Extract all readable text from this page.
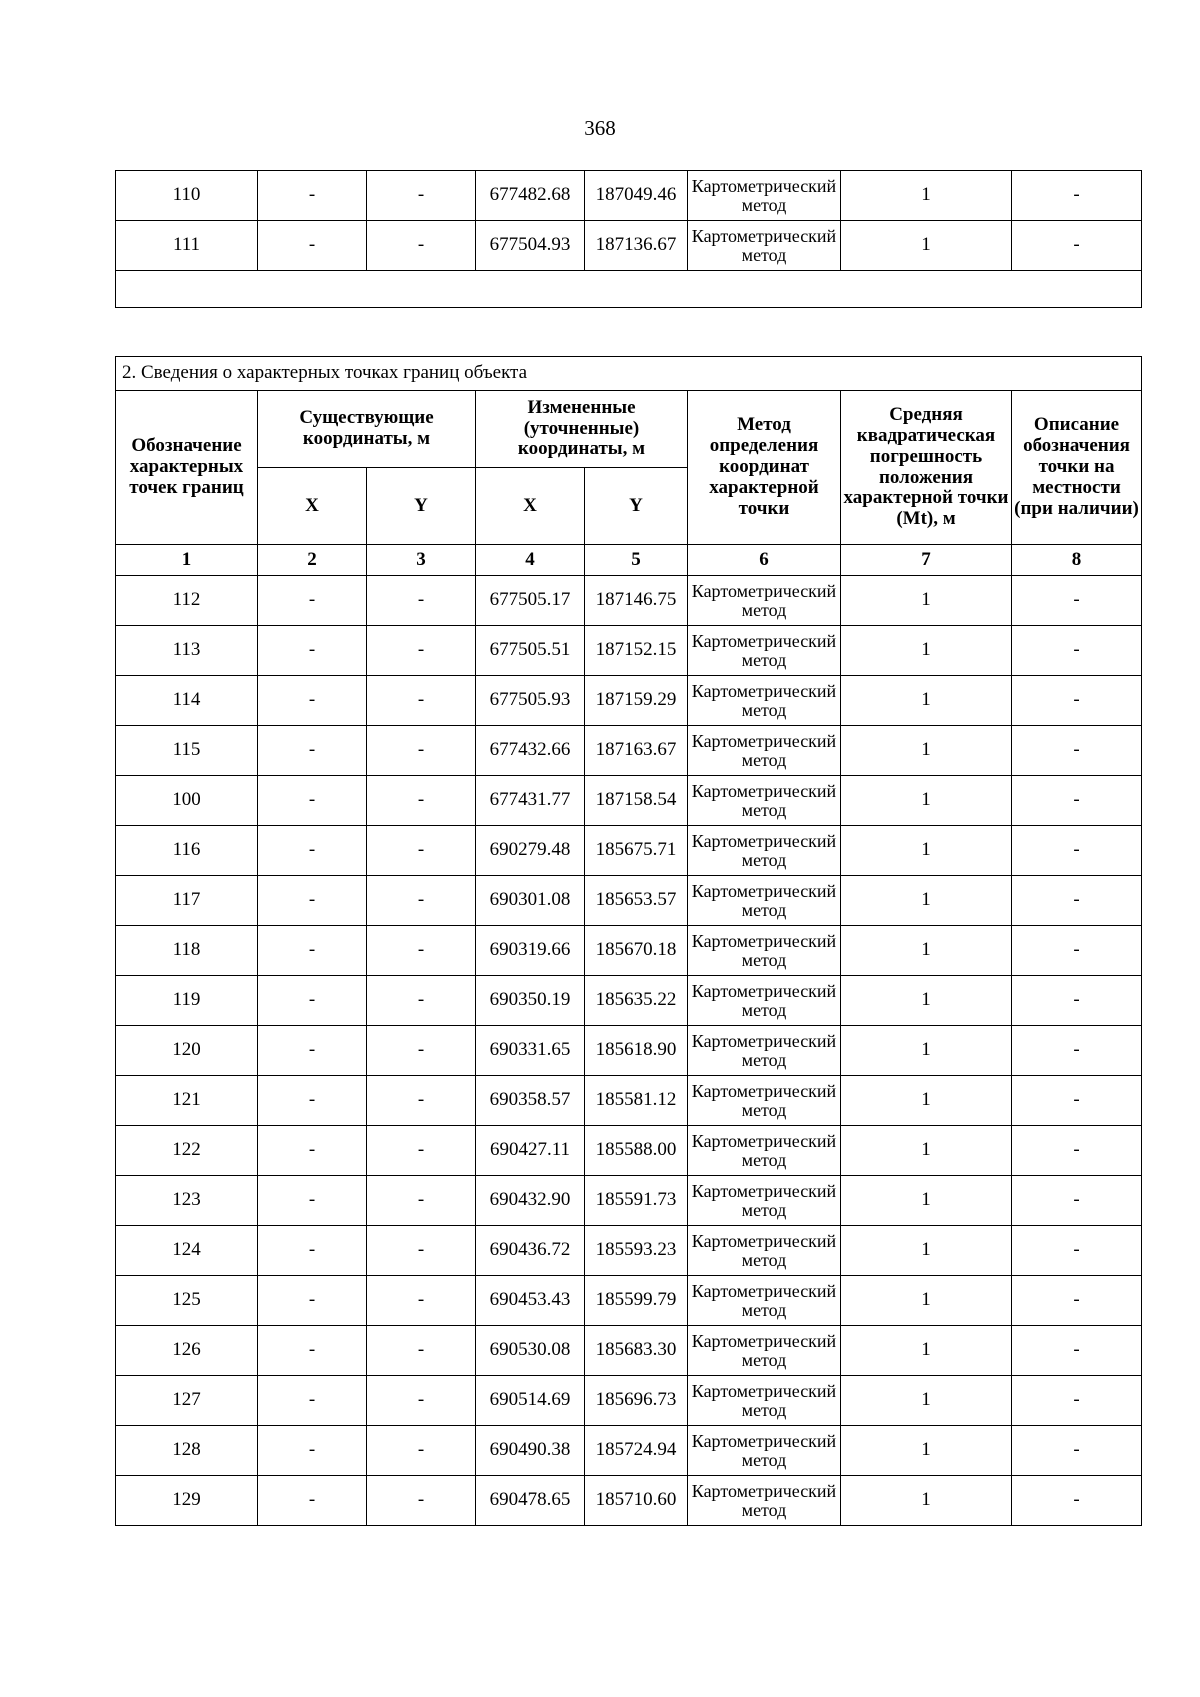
368
110	-	-	677482.68	187049.46	Картометрический метод	1	-
111	-	-	677504.93	187136.67	Картометрический метод	1	-

2. Сведения о характерных точках границ объекта							
Обозначение характерных точек границ	Существующие координаты, м		Измененные (уточненные) координаты, м		Метод определения координат характерной точки	Средняя квадратическая погрешность положения характерной точки (Mt), м	Описание обозначения точки на местности (при наличии)
	X	Y	X	Y			
1	2	3	4	5	6	7	8
112	-	-	677505.17	187146.75	Картометрический метод	1	-
113	-	-	677505.51	187152.15	Картометрический метод	1	-
114	-	-	677505.93	187159.29	Картометрический метод	1	-
115	-	-	677432.66	187163.67	Картометрический метод	1	-
100	-	-	677431.77	187158.54	Картометрический метод	1	-
116	-	-	690279.48	185675.71	Картометрический метод	1	-
117	-	-	690301.08	185653.57	Картометрический метод	1	-
118	-	-	690319.66	185670.18	Картометрический метод	1	-
119	-	-	690350.19	185635.22	Картометрический метод	1	-
120	-	-	690331.65	185618.90	Картометрический метод	1	-
121	-	-	690358.57	185581.12	Картометрический метод	1	-
122	-	-	690427.11	185588.00	Картометрический метод	1	-
123	-	-	690432.90	185591.73	Картометрический метод	1	-
124	-	-	690436.72	185593.23	Картометрический метод	1	-
125	-	-	690453.43	185599.79	Картометрический метод	1	-
126	-	-	690530.08	185683.30	Картометрический метод	1	-
127	-	-	690514.69	185696.73	Картометрический метод	1	-
128	-	-	690490.38	185724.94	Картометрический метод	1	-
129	-	-	690478.65	185710.60	Картометрический метод	1	-
